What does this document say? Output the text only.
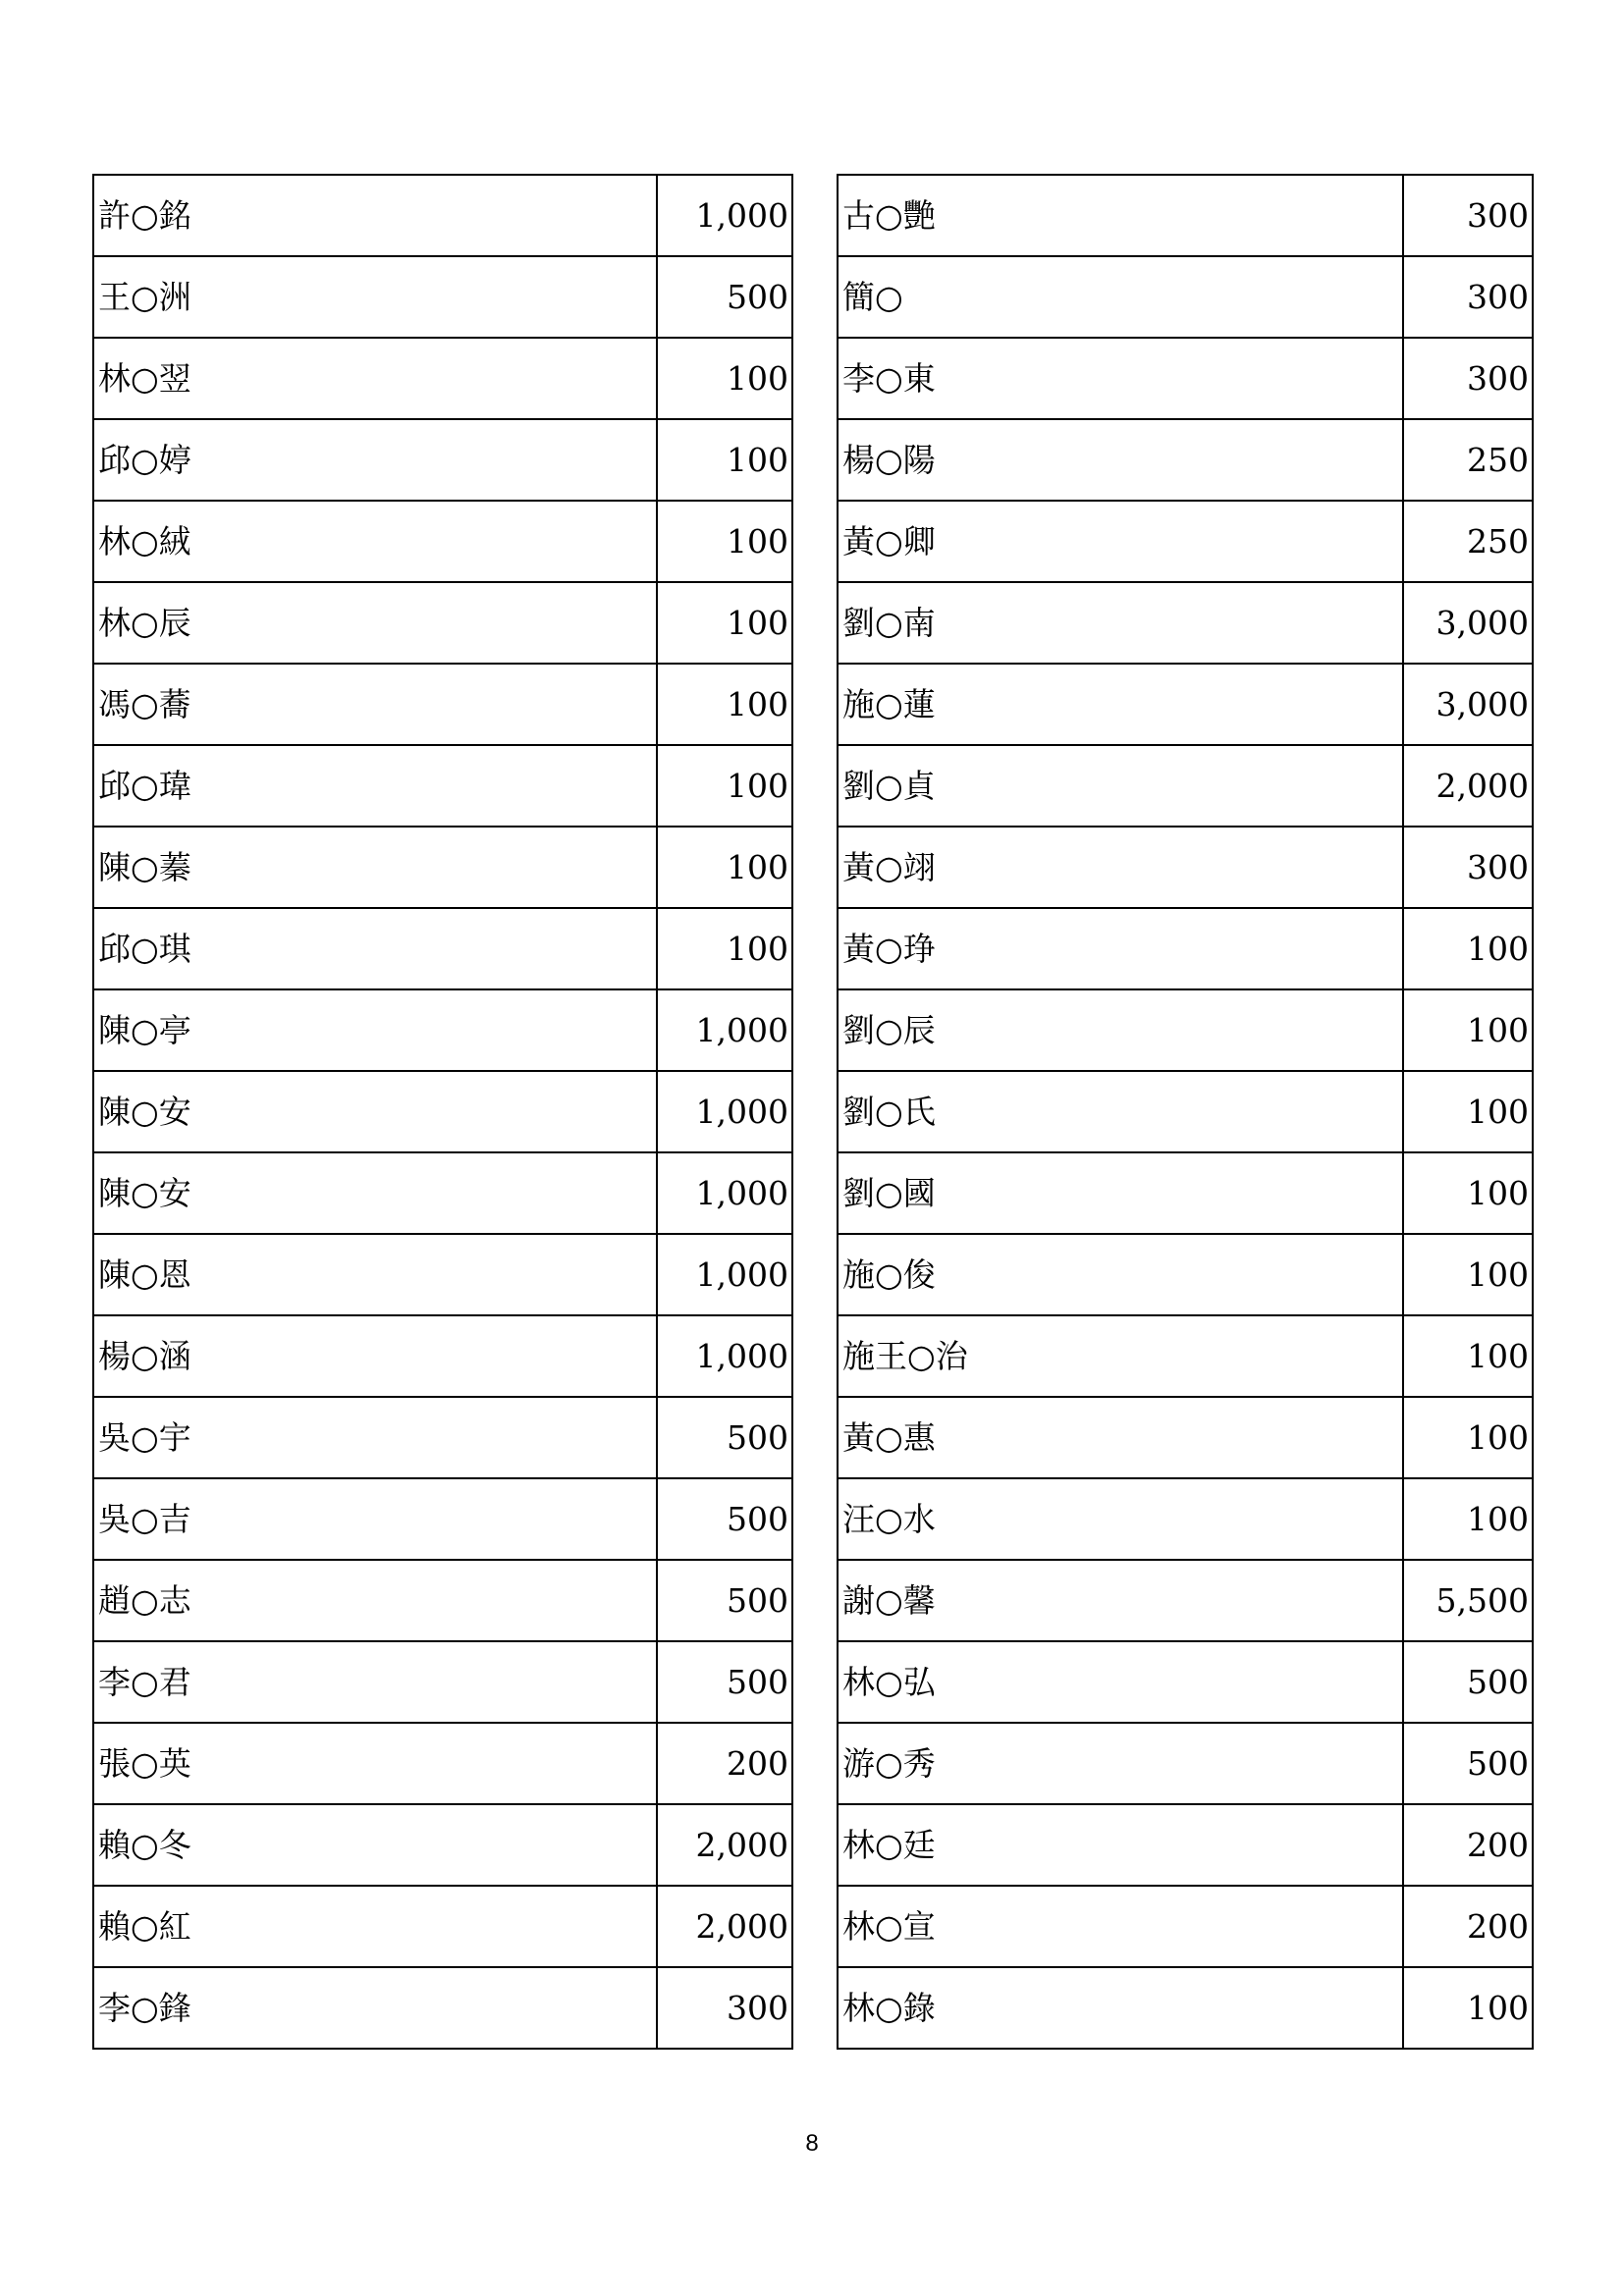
許○銘	1,000
王○洲	500
林○翌	100
邱○婷	100
林○絨	100
林○辰	100
馮○蕎	100
邱○瑋	100
陳○蓁	100
邱○琪	100
陳○亭	1,000
陳○安	1,000
陳○安	1,000
陳○恩	1,000
楊○涵	1,000
吳○宇	500
吳○吉	500
趙○志	500
李○君	500
張○英	200
賴○冬	2,000
賴○紅	2,000
李○鋒	300
古○艷	300
簡○	300
李○東	300
楊○陽	250
黃○卿	250
劉○南	3,000
施○蓮	3,000
劉○貞	2,000
黃○翊	300
黃○琤	100
劉○辰	100
劉○氏	100
劉○國	100
施○俊	100
施王○治	100
黃○惠	100
汪○水	100
謝○馨	5,500
林○弘	500
游○秀	500
林○廷	200
林○宣	200
林○錄	100
8
